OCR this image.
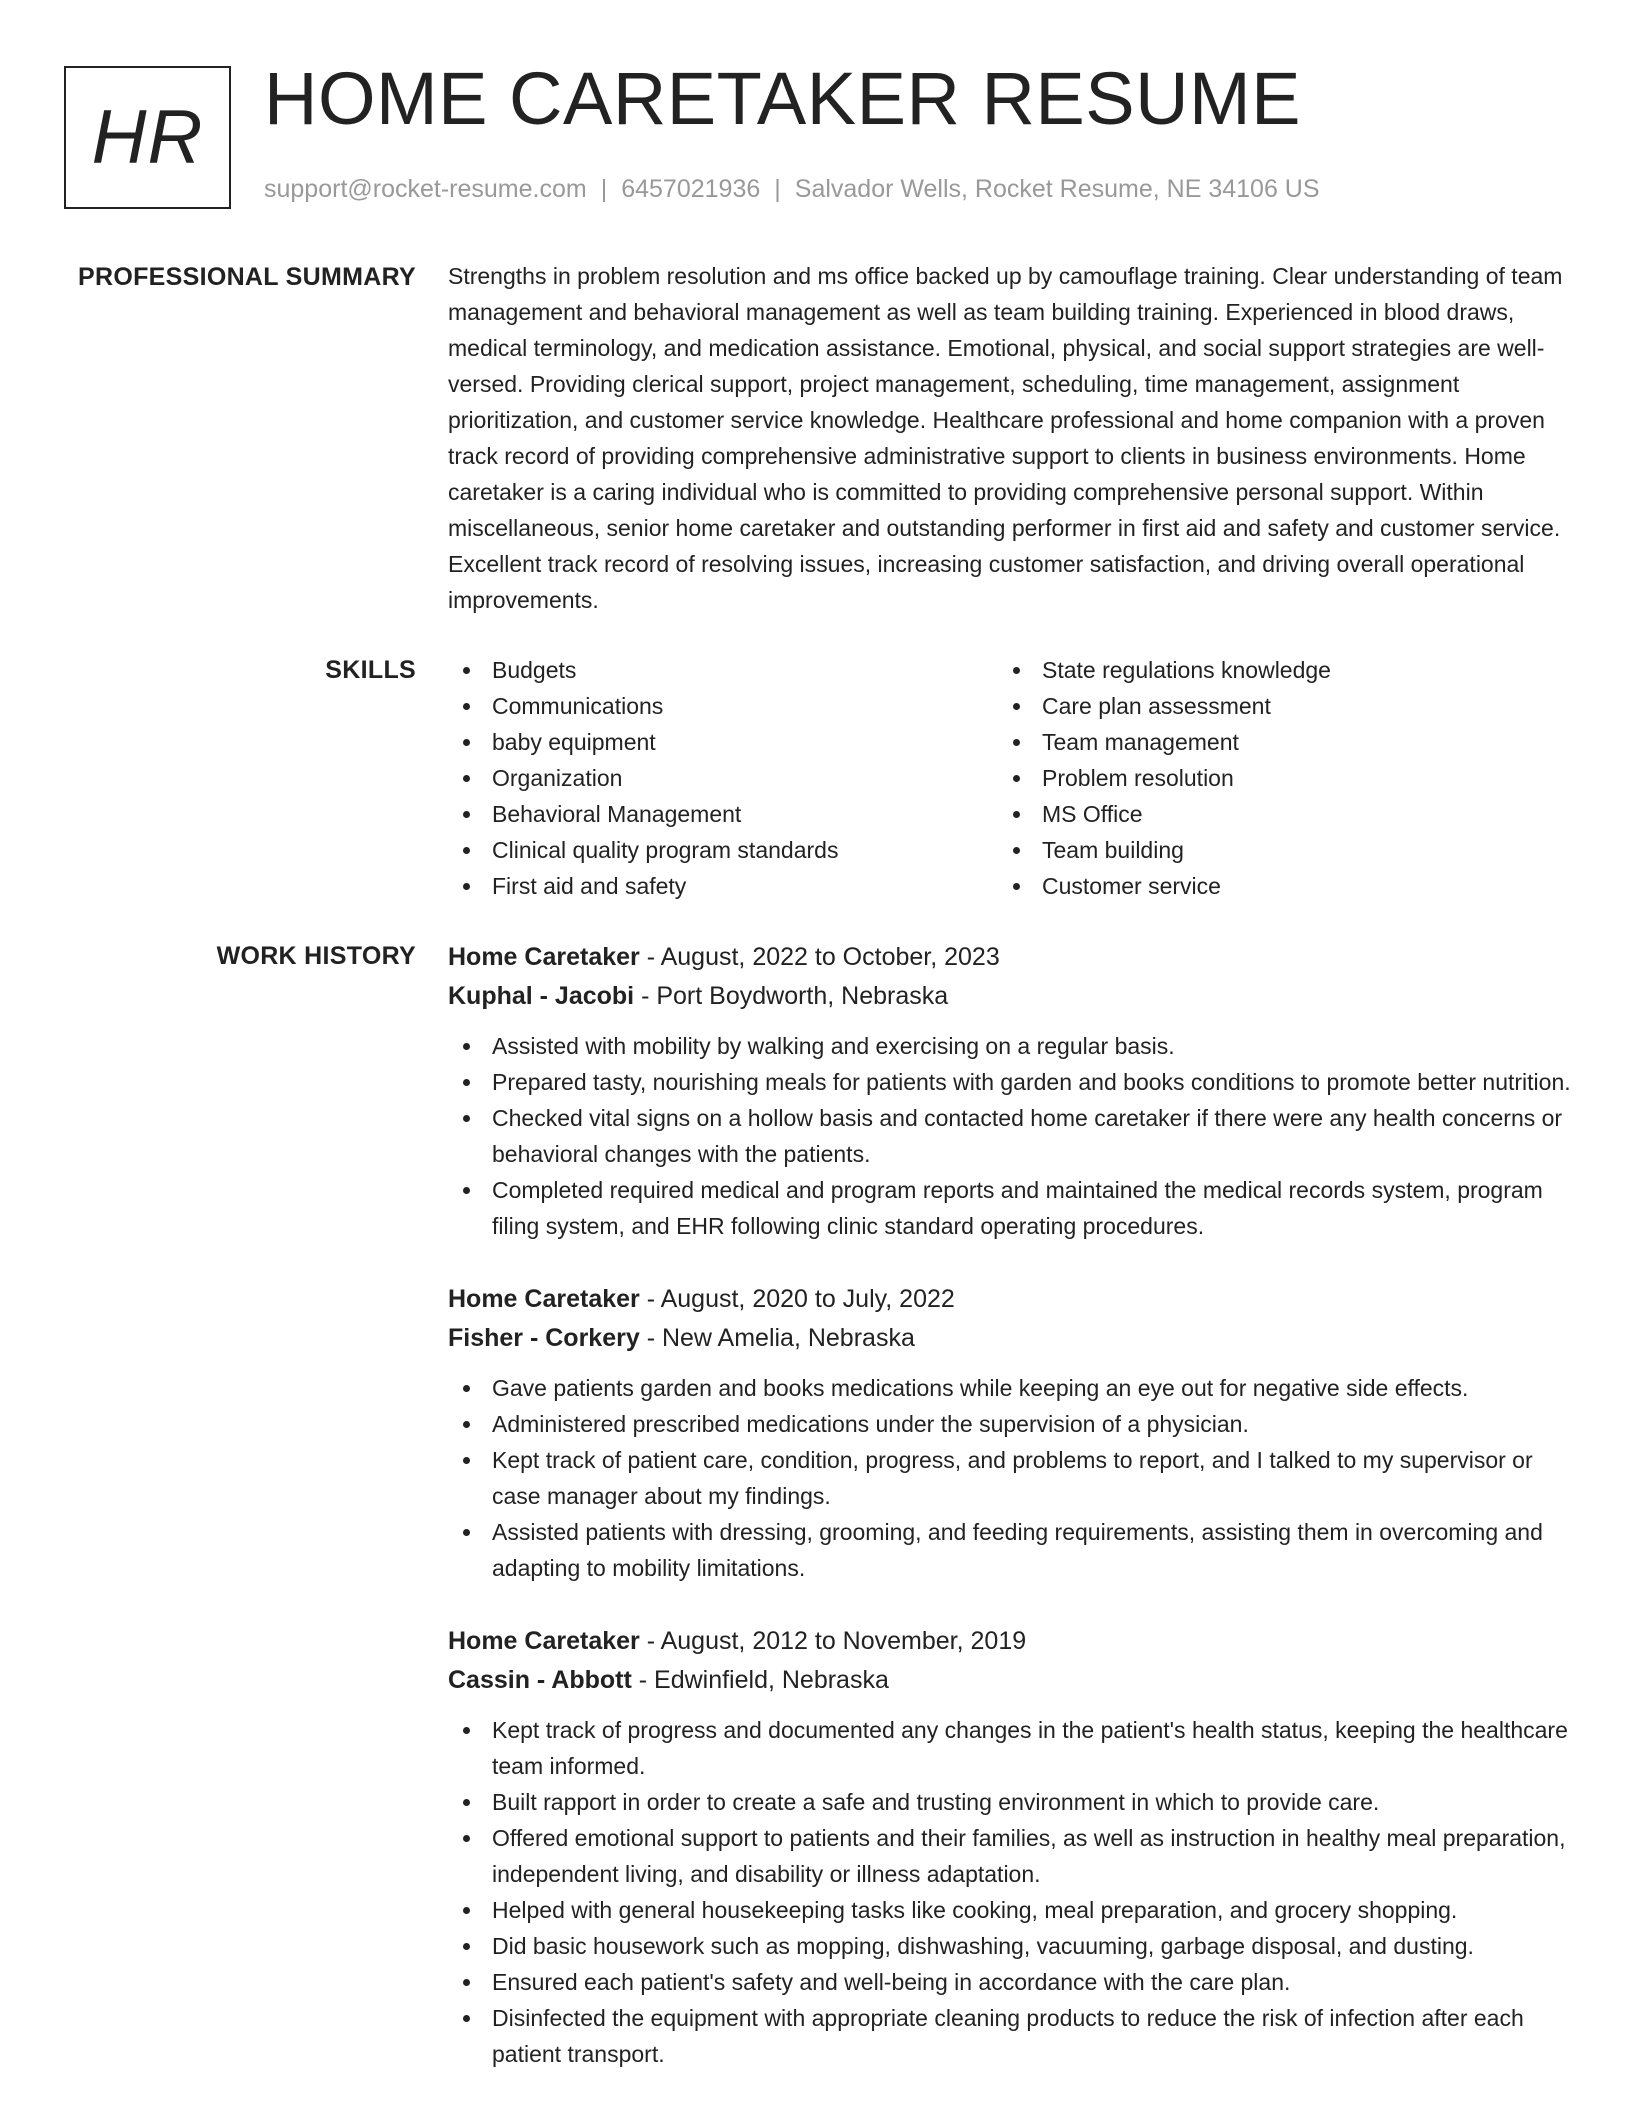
HR HOME CARETAKER RESUME
support@rocket-resume.com | 6457021936 | Salvador Wells, Rocket Resume, NE 34106 US
PROFESSIONAL SUMMARY Strengths in problem resolution and ms office backed up by camouflage training. Clear understanding of team management and behavioral management as well as team building training. Experienced in blood draws, medical terminology, and medication assistance. Emotional, physical, and social support strategies are well-versed. Providing clerical support, project management, scheduling, time management, assignment prioritization, and customer service knowledge. Healthcare professional and home companion with a proven track record of providing comprehensive administrative support to clients in business environments. Home caretaker is a caring individual who is committed to providing comprehensive personal support. Within miscellaneous, senior home caretaker and outstanding performer in first aid and safety and customer service. Excellent track record of resolving issues, increasing customer satisfaction, and driving overall operational improvements.

SKILLS	Budgets
Communications
baby equipment
Organization
Behavioral Management
Clinical quality program standards
First aid and safety
State regulations knowledge
Care plan assessment
Team management
Problem resolution
MS Office
Team building
Customer service
WORK HISTORY Home Caretaker - August, 2022 to October, 2023
Kuphal - Jacobi - Port Boydworth, Nebraska
Assisted with mobility by walking and exercising on a regular basis.
Prepared tasty, nourishing meals for patients with garden and books conditions to promote better nutrition.
Checked vital signs on a hollow basis and contacted home caretaker if there were any health concerns or behavioral changes with the patients.
Completed required medical and program reports and maintained the medical records system, program filing system, and EHR following clinic standard operating procedures.
Home Caretaker - August, 2020 to July, 2022
Fisher - Corkery - New Amelia, Nebraska
Gave patients garden and books medications while keeping an eye out for negative side effects.
Administered prescribed medications under the supervision of a physician.
Kept track of patient care, condition, progress, and problems to report, and I talked to my supervisor or case manager about my findings.
Assisted patients with dressing, grooming, and feeding requirements, assisting them in overcoming and adapting to mobility limitations.
Home Caretaker - August, 2012 to November, 2019
Cassin - Abbott - Edwinfield, Nebraska
Kept track of progress and documented any changes in the patient's health status, keeping the healthcare team informed.
Built rapport in order to create a safe and trusting environment in which to provide care.
Offered emotional support to patients and their families, as well as instruction in healthy meal preparation, independent living, and disability or illness adaptation.
Helped with general housekeeping tasks like cooking, meal preparation, and grocery shopping.
Did basic housework such as mopping, dishwashing, vacuuming, garbage disposal, and dusting.
Ensured each patient's safety and well-being in accordance with the care plan.
Disinfected the equipment with appropriate cleaning products to reduce the risk of infection after each patient transport.
